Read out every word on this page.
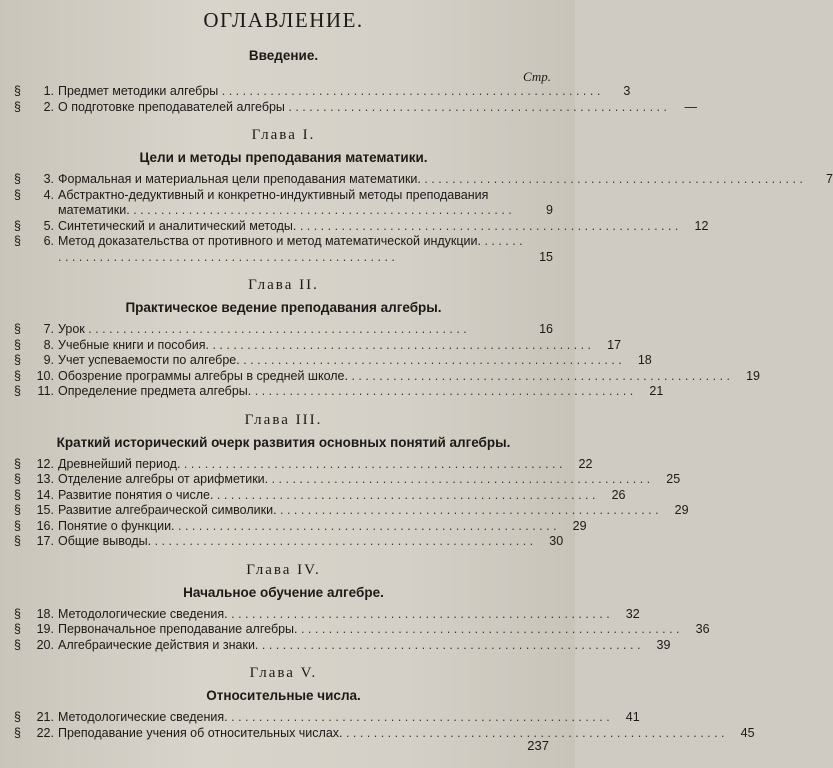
ОГЛАВЛЕНИЕ.
Введение.
Стр.
§	1. Предмет методики алгебры . . . . . . . . . . . . . . . . . . . . . . . . . . . . . . . . . . . . . . . . . . . . . . . . . . . . . . .	3
§	2. О подготовке преподавателей алгебры . . . . . . . . . . . . . . . . . . . . . . . . . . . . . . . . . . . . . . . . . . . . . . . . . . . . . . .	—
Глава I.
Цели и методы преподавания математики.
§	3. Формальная и материальная цели преподавания математики. . . . . . . . . . . . . . . . . . . . . . . . . . . . . . . . . . . . . . . . . . . . . . . . . . . . . . . .	7
§	4. Абстрактно-дедуктивный и конкретно-индуктивный методы преподавания математики. . . . . . . . . . . . . . . . . . . . . . . . . . . . . . . . . . . . . . . . . . . . . . . . . . . . . . . .	9
§	5. Синтетический и аналитический методы. . . . . . . . . . . . . . . . . . . . . . . . . . . . . . . . . . . . . . . . . . . . . . . . . . . . . . . .	12
§	6. Метод доказательства от противного и метод математической индукции. . . . . . . . . . . . . . . . . . . . . . . . . . . . . . . . . . . . . . . . . . . . . . . . . . . . . . . .	15
Глава II.
Практическое ведение преподавания алгебры.
§	7. Урок . . . . . . . . . . . . . . . . . . . . . . . . . . . . . . . . . . . . . . . . . . . . . . . . . . . . . . .	16
§	8. Учебные книги и пособия. . . . . . . . . . . . . . . . . . . . . . . . . . . . . . . . . . . . . . . . . . . . . . . . . . . . . . . .	17
§	9. Учет успеваемости по алгебре. . . . . . . . . . . . . . . . . . . . . . . . . . . . . . . . . . . . . . . . . . . . . . . . . . . . . . . .	18
§	10. Обозрение программы алгебры в средней школе. . . . . . . . . . . . . . . . . . . . . . . . . . . . . . . . . . . . . . . . . . . . . . . . . . . . . . . .	19
§	11. Определение предмета алгебры. . . . . . . . . . . . . . . . . . . . . . . . . . . . . . . . . . . . . . . . . . . . . . . . . . . . . . . .	21
Глава III.
Краткий исторический очерк развития основных понятий алгебры.
§	12. Древнейший период. . . . . . . . . . . . . . . . . . . . . . . . . . . . . . . . . . . . . . . . . . . . . . . . . . . . . . . .	22
§	13. Отделение алгебры от арифметики. . . . . . . . . . . . . . . . . . . . . . . . . . . . . . . . . . . . . . . . . . . . . . . . . . . . . . . .	25
§	14. Развитие понятия о числе. . . . . . . . . . . . . . . . . . . . . . . . . . . . . . . . . . . . . . . . . . . . . . . . . . . . . . . .	26
§	15. Развитие алгебраической символики. . . . . . . . . . . . . . . . . . . . . . . . . . . . . . . . . . . . . . . . . . . . . . . . . . . . . . . .	29
§	16. Понятие о функции. . . . . . . . . . . . . . . . . . . . . . . . . . . . . . . . . . . . . . . . . . . . . . . . . . . . . . . .	29
§	17. Общие выводы. . . . . . . . . . . . . . . . . . . . . . . . . . . . . . . . . . . . . . . . . . . . . . . . . . . . . . . .	30
Глава IV.
Начальное обучение алгебре.
§	18. Методологические сведения. . . . . . . . . . . . . . . . . . . . . . . . . . . . . . . . . . . . . . . . . . . . . . . . . . . . . . . .	32
§	19. Первоначальное преподавание алгебры. . . . . . . . . . . . . . . . . . . . . . . . . . . . . . . . . . . . . . . . . . . . . . . . . . . . . . . .	36
§	20. Алгебраические действия и знаки. . . . . . . . . . . . . . . . . . . . . . . . . . . . . . . . . . . . . . . . . . . . . . . . . . . . . . . .	39
Глава V.
Относительные числа.
§	21. Методологические сведения. . . . . . . . . . . . . . . . . . . . . . . . . . . . . . . . . . . . . . . . . . . . . . . . . . . . . . . .	41
§	22. Преподавание учения об относительных числах. . . . . . . . . . . . . . . . . . . . . . . . . . . . . . . . . . . . . . . . . . . . . . . . . . . . . . . .	45
237
